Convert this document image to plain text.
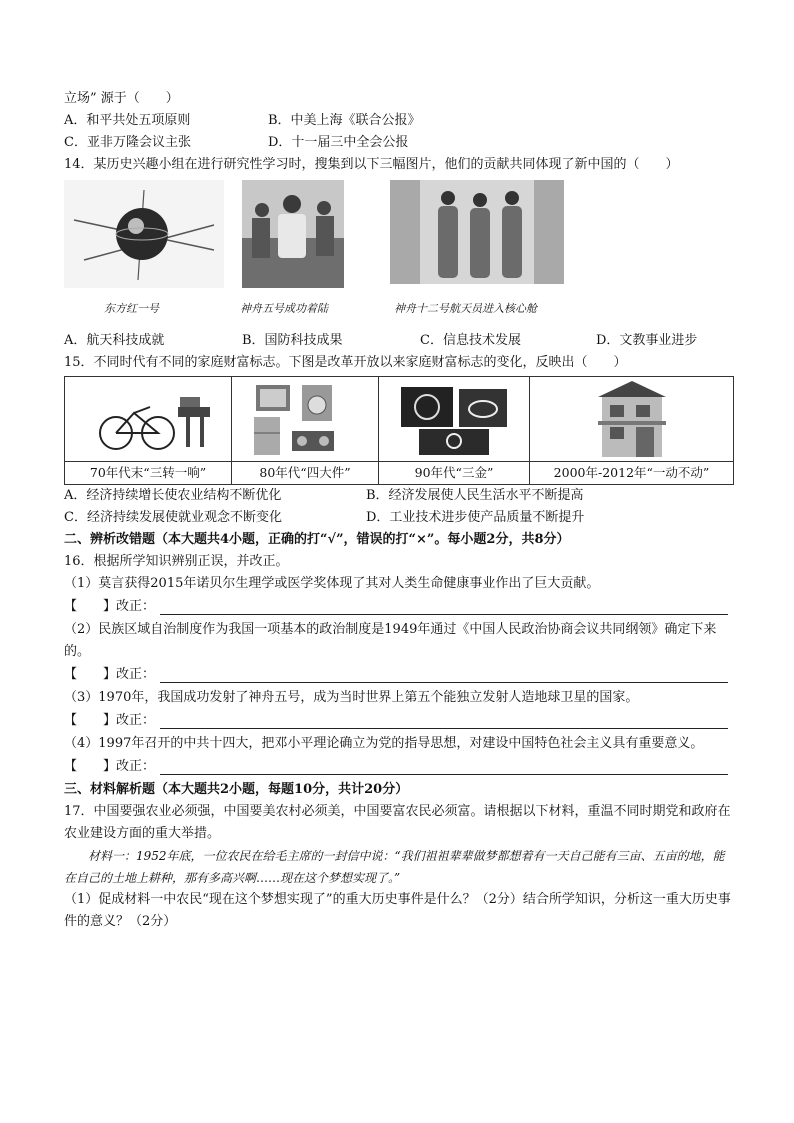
立场” 源于（　　）
A．和平共处五项原则	B．中美上海《联合公报》
C．亚非万隆会议主张	D．十一届三中全会公报
14．某历史兴趣小组在进行研究性学习时，搜集到以下三幅图片，他们的贡献共同体现了新中国的（　　）
东方红一号	神舟五号成功着陆	神舟十二号航天员进入核心舱
A．航天科技成就	B．国防科技成果	C．信息技术发展	D．文教事业进步
15．不同时代有不同的家庭财富标志。下图是改革开放以来家庭财富标志的变化，反映出（　　）
70年代末“三转一响”	80年代“四大件”	90年代“三金”	2000年-2012年“一动不动”
A．经济持续增长使农业结构不断优化	B．经济发展使人民生活水平不断提高
C．经济持续发展使就业观念不断变化	D．工业技术进步使产品质量不断提升
二、辨析改错题（本大题共4小题，正确的打“√”，错误的打“×”。每小题2分，共8分）
16．根据所学知识辨别正误，并改正。
（1）莫言获得2015年诺贝尔生理学或医学奖体现了其对人类生命健康事业作出了巨大贡献。
【　　】改正：
（2）民族区域自治制度作为我国一项基本的政治制度是1949年通过《中国人民政治协商会议共同纲领》确定下来的。
【　　】改正：
（3）1970年，我国成功发射了神舟五号，成为当时世界上第五个能独立发射人造地球卫星的国家。
【　　】改正：
（4）1997年召开的中共十四大，把邓小平理论确立为党的指导思想，对建设中国特色社会主义具有重要意义。
【　　】改正：
三、材料解析题（本大题共2小题，每题10分，共计20分）
17．中国要强农业必须强，中国要美农村必须美，中国要富农民必须富。请根据以下材料，重温不同时期党和政府在农业建设方面的重大举措。
材料一：1952年底，一位农民在给毛主席的一封信中说：“我们祖祖辈辈做梦都想着有一天自己能有三亩、五亩的地，能在自己的土地上耕种，那有多高兴啊……现在这个梦想实现了。”
（1）促成材料一中农民“现在这个梦想实现了”的重大历史事件是什么？（2分）结合所学知识，分析这一重大历史事件的意义？（2分）
